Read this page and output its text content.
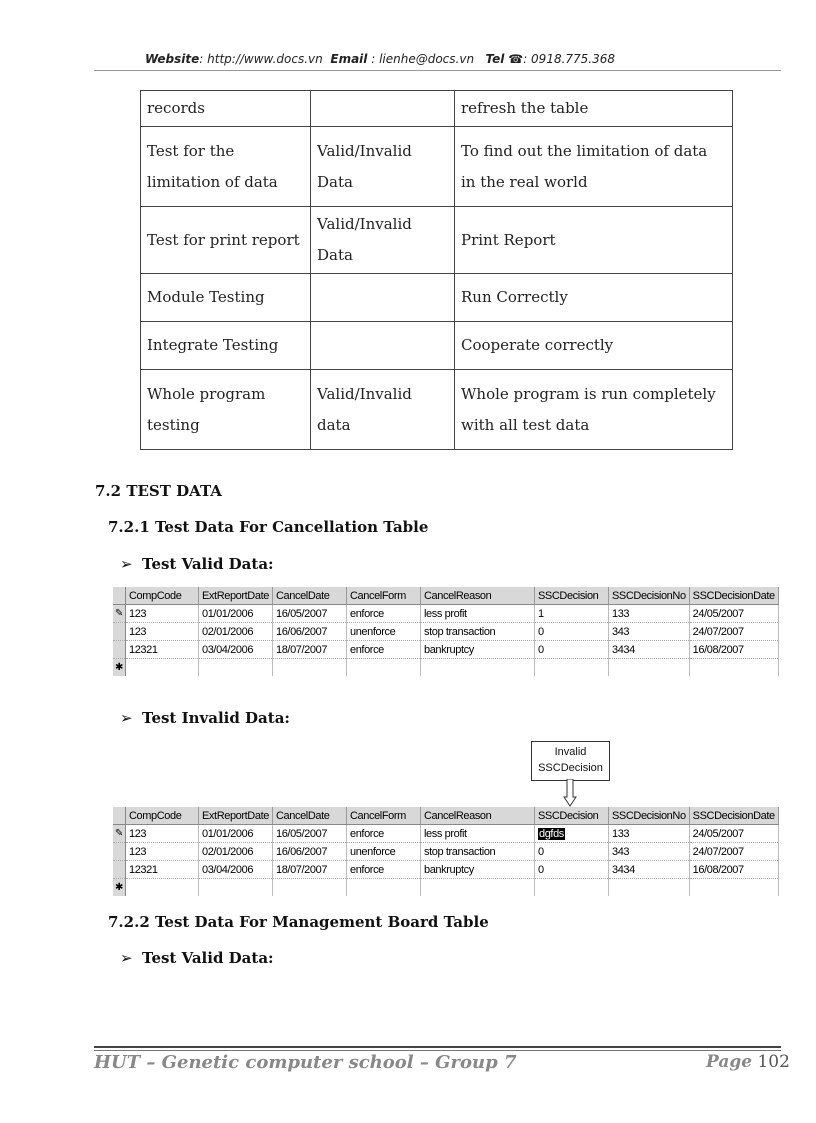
Website: http://www.docs.vn Email : lienhe@docs.vn Tel ☎: 0918.775.368
records		refresh the table
Test for the limitation of data	Valid/Invalid Data	To find out the limitation of data in the real world
Test for print report	Valid/Invalid Data	Print Report
Module Testing		Run Correctly
Integrate Testing		Cooperate correctly
Whole program testing	Valid/Invalid data	Whole program is run completely with all test data
7.2 TEST DATA
7.2.1 Test Data For Cancellation Table
➢ Test Valid Data:
	CompCode	ExtReportDate	CancelDate	CancelForm	CancelReason	SSCDecision	SSCDecisionNo	SSCDecisionDate
✎	123	01/01/2006	16/05/2007	enforce	less profit	1	133	24/05/2007
	123	02/01/2006	16/06/2007	unenforce	stop transaction	0	343	24/07/2007
	12321	03/04/2006	18/07/2007	enforce	bankruptcy	0	3434	16/08/2007
✱								
➢ Test Invalid Data:
Invalid
SSCDecision
	CompCode	ExtReportDate	CancelDate	CancelForm	CancelReason	SSCDecision	SSCDecisionNo	SSCDecisionDate
✎	123	01/01/2006	16/05/2007	enforce	less profit	dgfds	133	24/05/2007
	123	02/01/2006	16/06/2007	unenforce	stop transaction	0	343	24/07/2007
	12321	03/04/2006	18/07/2007	enforce	bankruptcy	0	3434	16/08/2007
✱								
7.2.2 Test Data For Management Board Table
➢ Test Valid Data:
HUT – Genetic computer school – Group 7	Page 102
